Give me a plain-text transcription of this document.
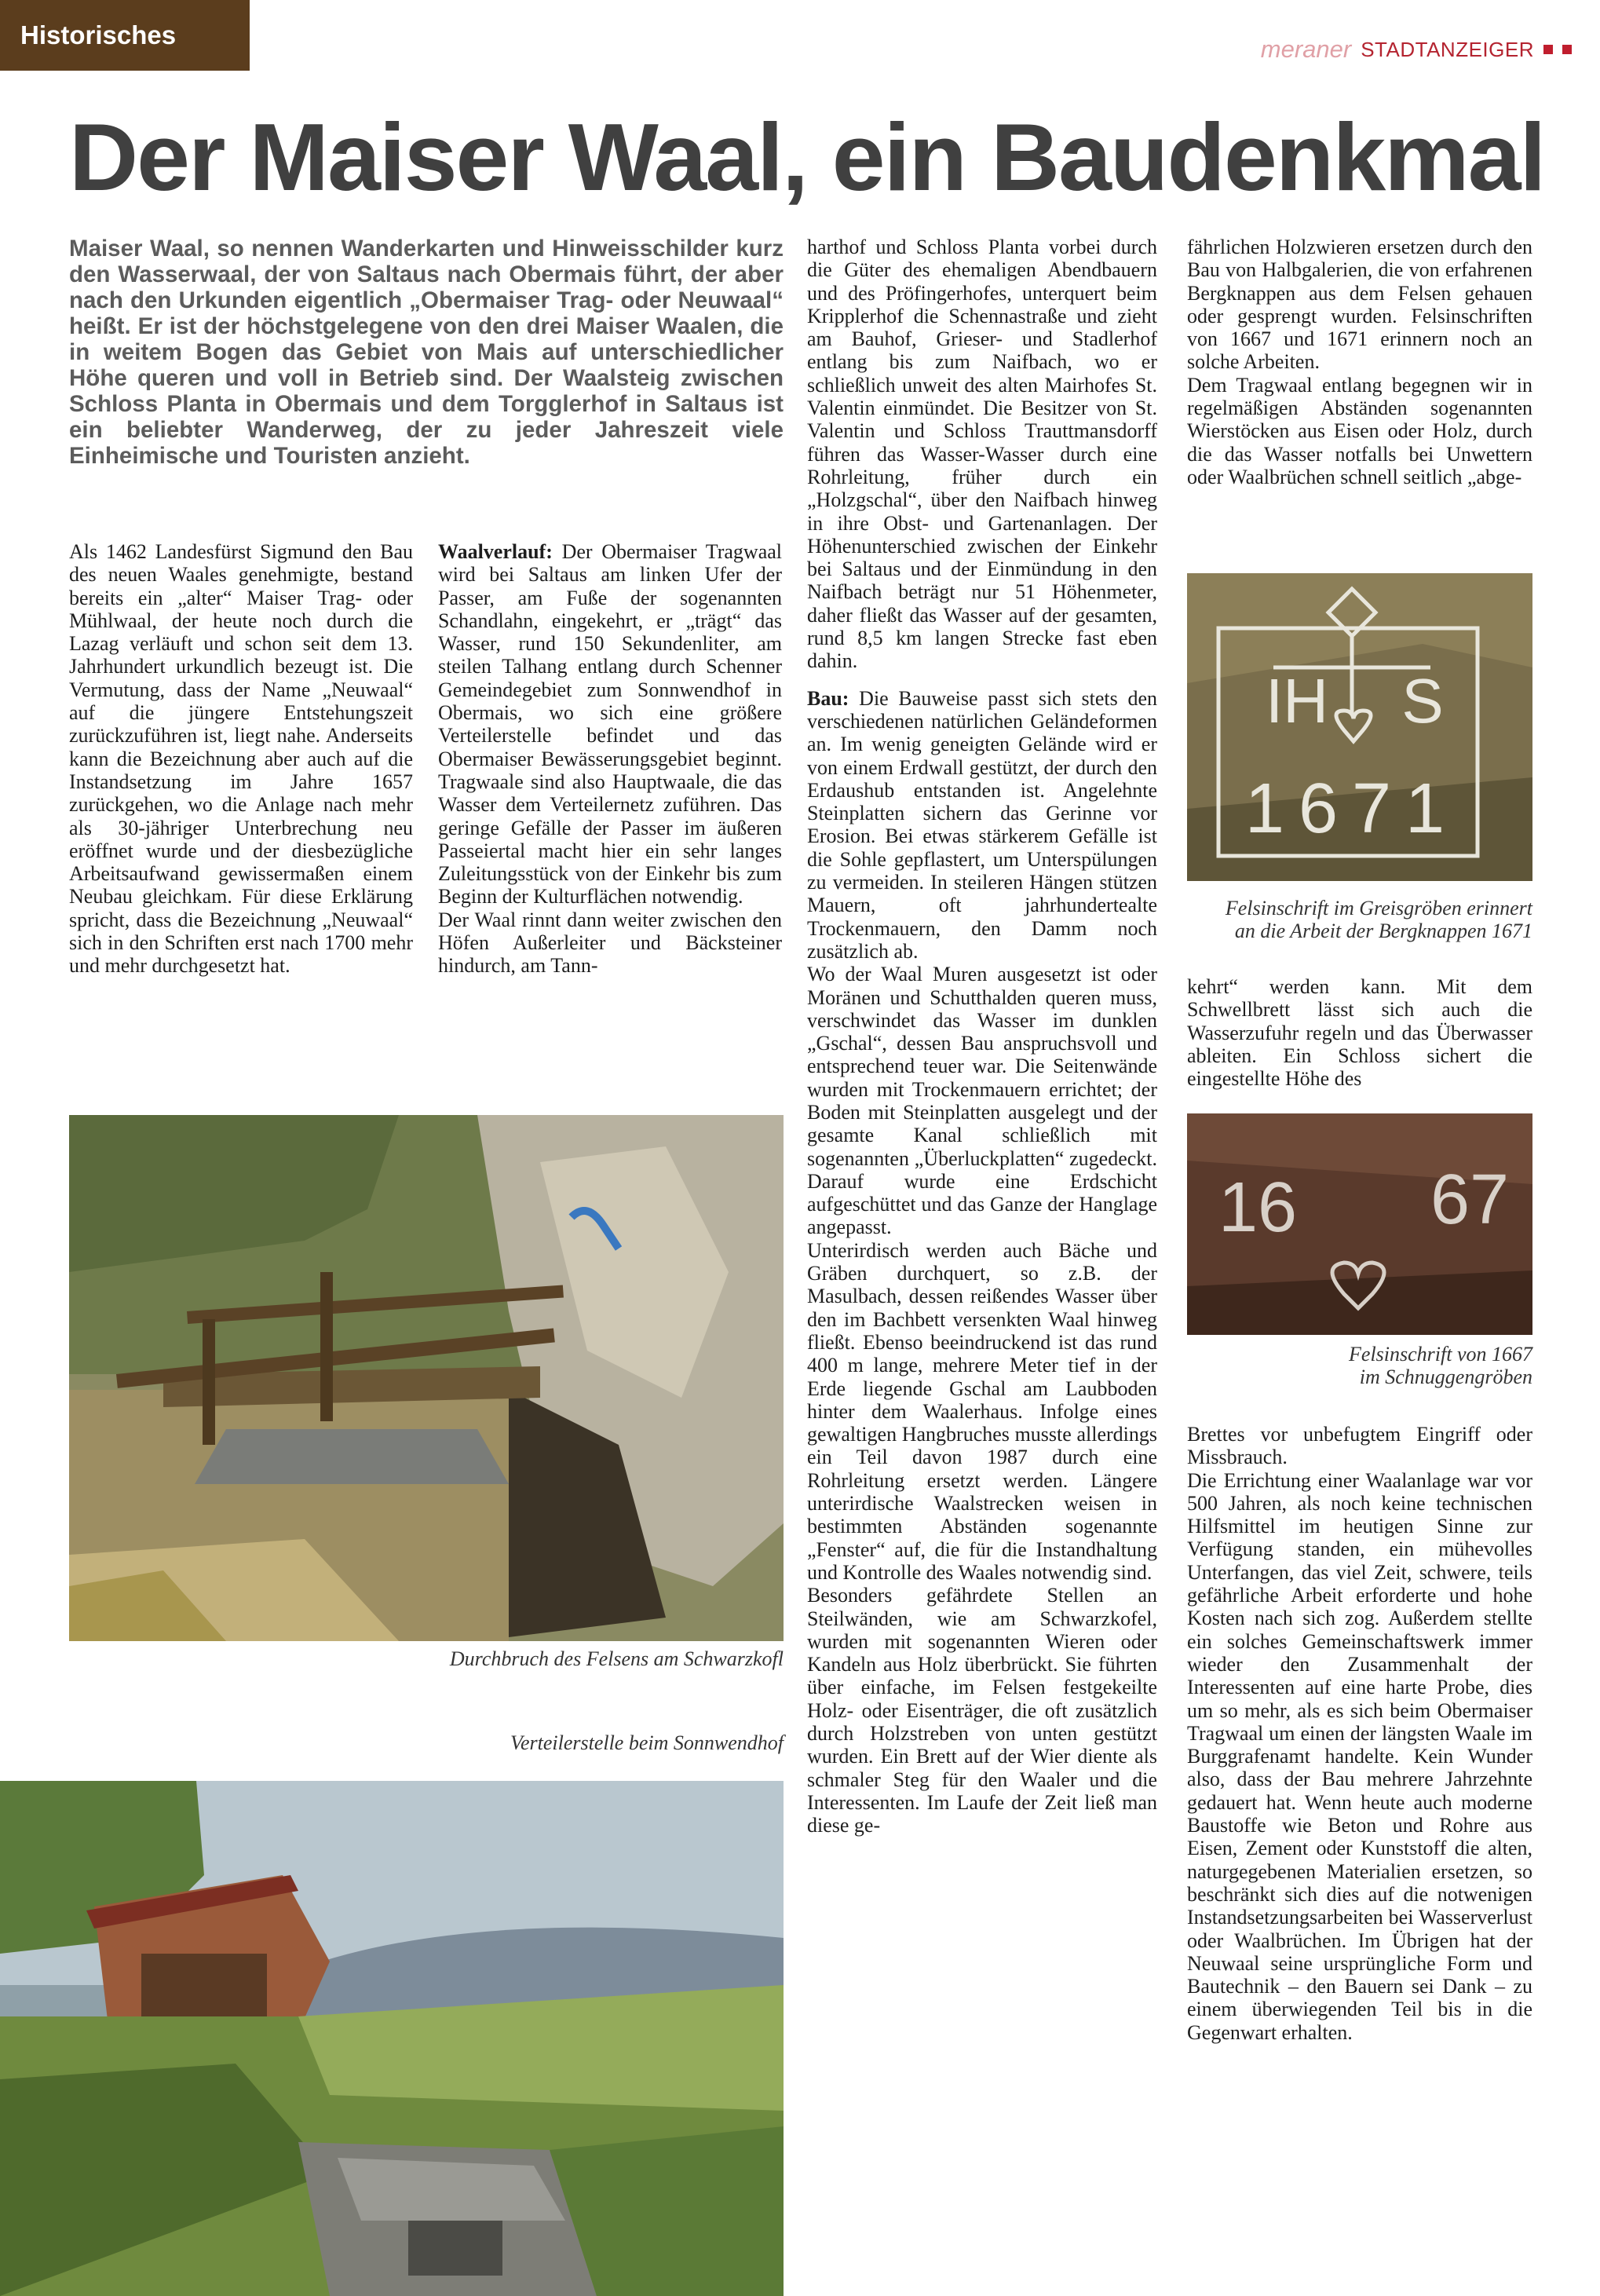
Historisches	meraner STADTANZEIGER
Der Maiser Waal, ein Baudenkmal
Maiser Waal, so nennen Wanderkarten und Hinweisschilder kurz den Wasserwaal, der von Saltaus nach Obermais führt, der aber nach den Urkunden eigentlich „Obermaiser Trag- oder Neuwaal“ heißt. Er ist der höchstgelegene von den drei Maiser Waalen, die in weitem Bogen das Gebiet von Mais auf unterschiedlicher Höhe queren und voll in Betrieb sind. Der Waalsteig zwischen Schloss Planta in Obermais und dem Torgglerhof in Saltaus ist ein beliebter Wanderweg, der zu jeder Jahreszeit viele Einheimische und Touristen anzieht.

Als 1462 Landesfürst Sigmund den Bau des neuen Waales genehmigte, bestand bereits ein „alter“ Maiser Trag- oder Mühlwaal, der heute noch durch die Lazag verläuft und schon seit dem 13. Jahrhundert urkundlich bezeugt ist. Die Vermutung, dass der Name „Neuwaal“ auf die jüngere Entstehungszeit zurückzuführen ist, liegt nahe. Anderseits kann die Bezeichnung aber auch auf die Instandsetzung im Jahre 1657 zurückgehen, wo die Anlage nach mehr als 30-jähriger Unterbrechung neu eröffnet wurde und der diesbezügliche Arbeitsaufwand gewissermaßen einem Neubau gleichkam. Für diese Erklärung spricht, dass die Bezeichnung „Neuwaal“ sich in den Schriften erst nach 1700 mehr und mehr durchgesetzt hat.

Waalverlauf: Der Obermaiser Tragwaal wird bei Saltaus am linken Ufer der Passer, am Fuße der sogenannten Schandlahn, eingekehrt, er „trägt“ das Wasser, rund 150 Sekundenliter, am steilen Talhang entlang durch Schenner Gemeindegebiet zum Sonnwendhof in Obermais, wo sich eine größere Verteilerstelle befindet und das Obermaiser Bewässerungsgebiet beginnt. Tragwaale sind also Hauptwaale, die das Wasser dem Verteilernetz zuführen. Das geringe Gefälle der Passer im äußeren Passeiertal macht hier ein sehr langes Zuleitungsstück von der Einkehr bis zum Beginn der Kulturflächen notwendig.

Der Waal rinnt dann weiter zwischen den Höfen Außerleiter und Bäcksteiner hindurch, am Tann-

Durchbruch des Felsens am Schwarzkofl
Verteilerstelle beim Sonnwendhof

harthof und Schloss Planta vorbei durch die Güter des ehemaligen Abendbauern und des Pröfingerhofes, unterquert beim Kripplerhof die Schennastraße und zieht am Bauhof, Grieser- und Stadlerhof entlang bis zum Naifbach, wo er schließlich unweit des alten Mairhofes St. Valentin einmündet. Die Besitzer von St. Valentin und Schloss Trauttmansdorff führen das Wasser-Wasser durch eine Rohrleitung, früher durch ein „Holzgschal“, über den Naifbach hinweg in ihre Obst- und Gartenanlagen. Der Höhenunterschied zwischen der Einkehr bei Saltaus und der Einmündung in den Naifbach beträgt nur 51 Höhenmeter, daher fließt das Wasser auf der gesamten, rund 8,5 km langen Strecke fast eben dahin.

Bau: Die Bauweise passt sich stets den verschiedenen natürlichen Geländeformen an. Im wenig geneigten Gelände wird er von einem Erdwall gestützt, der durch den Erdaushub entstanden ist. Angelehnte Steinplatten sichern das Gerinne vor Erosion. Bei etwas stärkerem Gefälle ist die Sohle gepflastert, um Unterspülungen zu vermeiden. In steileren Hängen stützen Mauern, oft jahrhundertealte Trockenmauern, den Damm noch zusätzlich ab.

Wo der Waal Muren ausgesetzt ist oder Moränen und Schutthalden queren muss, verschwindet das Wasser im dunklen „Gschal“, dessen Bau anspruchsvoll und entsprechend teuer war. Die Seitenwände wurden mit Trockenmauern errichtet; der Boden mit Steinplatten ausgelegt und der gesamte Kanal schließlich mit sogenannten „Überluckplatten“ zugedeckt. Darauf wurde eine Erdschicht aufgeschüttet und das Ganze der Hanglage angepasst.

Unterirdisch werden auch Bäche und Gräben durchquert, so z.B. der Masulbach, dessen reißendes Wasser über den im Bachbett versenkten Waal hinweg fließt. Ebenso beeindruckend ist das rund 400 m lange, mehrere Meter tief in der Erde liegende Gschal am Laubboden hinter dem Waalerhaus. Infolge eines gewaltigen Hangbruches musste allerdings ein Teil davon 1987 durch eine Rohrleitung ersetzt werden. Längere unterirdische Waalstrecken weisen in bestimmten Abständen sogenannte „Fenster“ auf, die für die Instandhaltung und Kontrolle des Waales notwendig sind.

Besonders gefährdete Stellen an Steilwänden, wie am Schwarzkofel, wurden mit sogenannten Wieren oder Kandeln aus Holz überbrückt. Sie führten über einfache, im Felsen festgekeilte Holz- oder Eisenträger, die oft zusätzlich durch Holzstreben von unten gestützt wurden. Ein Brett auf der Wier diente als schmaler Steg für den Waaler und die Interessenten. Im Laufe der Zeit ließ man diese ge-

fährlichen Holzwieren ersetzen durch den Bau von Halbgalerien, die von erfahrenen Bergknappen aus dem Felsen gehauen oder gesprengt wurden. Felsinschriften von 1667 und 1671 erinnern noch an solche Arbeiten.

Dem Tragwaal entlang begegnen wir in regelmäßigen Abständen sogenannten Wierstöcken aus Eisen oder Holz, durch die das Wasser notfalls bei Unwettern oder Waalbrüchen schnell seitlich „abge-

IH S
1671
Felsinschrift im Greisgröben erinnert
an die Arbeit der Bergknappen 1671

kehrt“ werden kann. Mit dem Schwellbrett lässt sich auch die Wasserzufuhr regeln und das Überwasser ableiten. Ein Schloss sichert die eingestellte Höhe des

16 67
Felsinschrift von 1667
im Schnuggengröben

Brettes vor unbefugtem Eingriff oder Missbrauch.

Die Errichtung einer Waalanlage war vor 500 Jahren, als noch keine technischen Hilfsmittel im heutigen Sinne zur Verfügung standen, ein mühevolles Unterfangen, das viel Zeit, schwere, teils gefährliche Arbeit erforderte und hohe Kosten nach sich zog. Außerdem stellte ein solches Gemeinschaftswerk immer wieder den Zusammenhalt der Interessenten auf eine harte Probe, dies um so mehr, als es sich beim Obermaiser Tragwaal um einen der längsten Waale im Burggrafenamt handelte. Kein Wunder also, dass der Bau mehrere Jahrzehnte gedauert hat. Wenn heute auch moderne Baustoffe wie Beton und Rohre aus Eisen, Zement oder Kunststoff die alten, naturgegebenen Materialien ersetzen, so beschränkt sich dies auf die notwenigen Instandsetzungsarbeiten bei Wasserverlust oder Waalbrüchen. Im Übrigen hat der Neuwaal seine ursprüngliche Form und Bautechnik – den Bauern sei Dank – zu einem überwiegenden Teil bis in die Gegenwart erhalten.
